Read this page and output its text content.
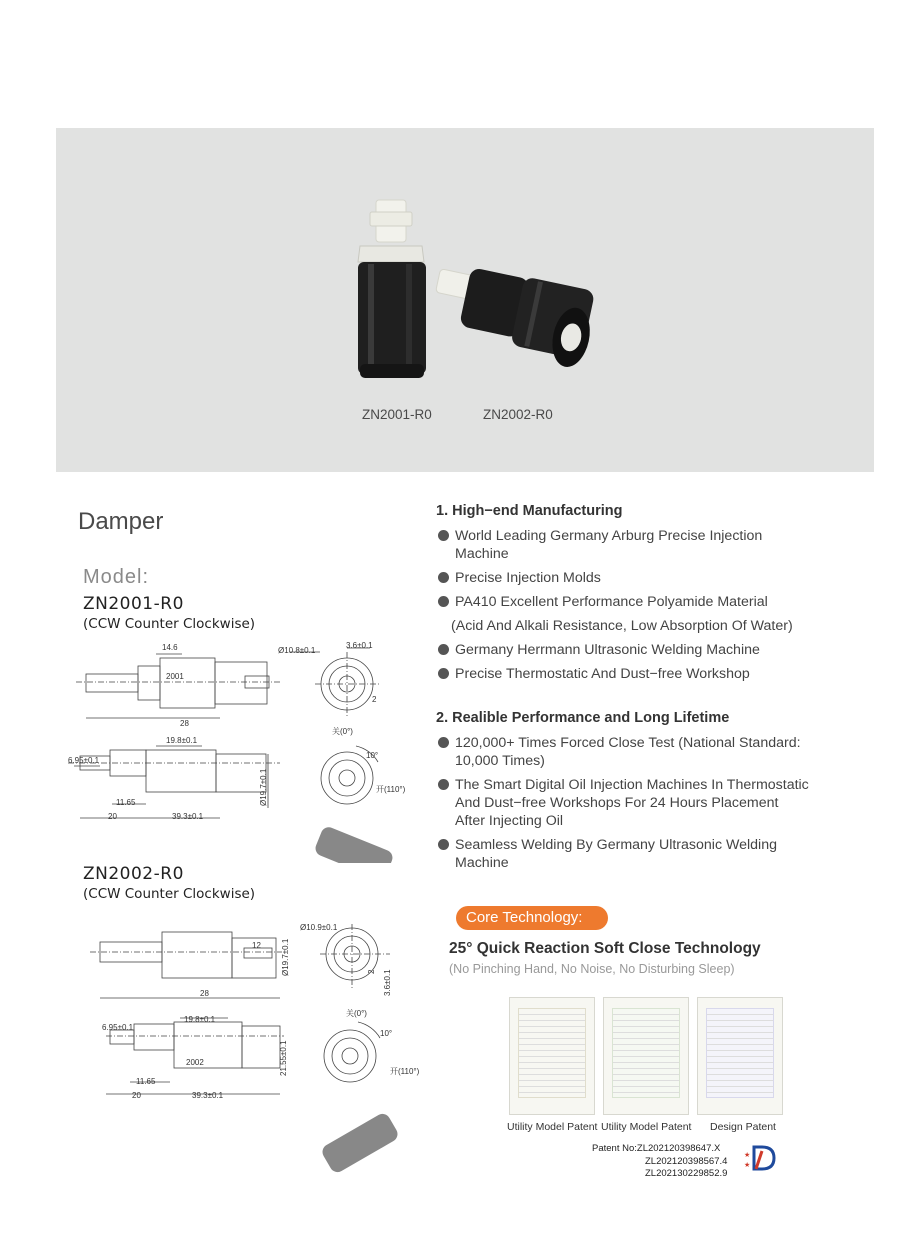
ZN2001-R0	ZN2002-R0
Damper
Model:
ZN2001-R0
(CCW Counter Clockwise)
14.6
2001
28
Ø10.8±0.1
3.6±0.1
2
19.8±0.1
6.95±0.1
11.65
20	39.3±0.1
Ø19.7±0.1
关(0°)
10°
开(110°)
ZN2002-R0
(CCW Counter Clockwise)
12
28
Ø10.9±0.1
Ø19.7±0.1	2 3.6±0.1
6.95±0.1
19.8±0.1
2002	21.55±0.1
11.65
20	39.3±0.1
关(0°)
10°
开(110°)
1. High−end Manufacturing
World Leading Germany Arburg Precise Injection
Machine
Precise Injection Molds
PA410 Excellent Performance Polyamide Material
(Acid And Alkali Resistance, Low Absorption Of Water)
Germany Herrmann Ultrasonic Welding Machine
Precise Thermostatic And Dust−free Workshop
2. Realible Performance and Long Lifetime
120,000+ Times Forced Close Test (National Standard:
10,000 Times)
The Smart Digital Oil Injection Machines In Thermostatic
And Dust−free Workshops For 24 Hours Placement
After Injecting Oil
Seamless Welding By Germany Ultrasonic Welding
Machine
Core Technology:
25° Quick Reaction Soft Close Technology
(No Pinching Hand, No Noise, No Disturbing Sleep)
Utility Model Patent Utility Model Patent Design Patent
Patent No:ZL202120398647.X
ZL202120398567.4
ZL202130229852.9
★
★
